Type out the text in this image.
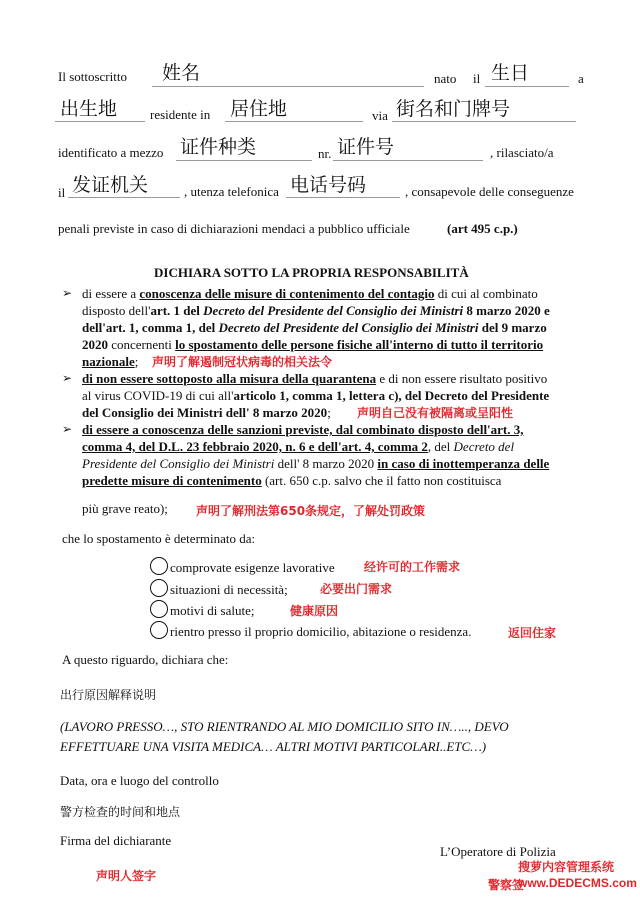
Il sottoscritto 姓名	nato il 生日	a
出生地	residente in 居住地	via 街名和门牌号
identificato a mezzo 证件种类	nr. 证件号	, rilasciato/a
il 发证机关	, utenza telefonica 电话号码	, consapevole delle conseguenze
penali previste in caso di dichiarazioni mendaci a pubblico ufficiale	(art 495 c.p.)
DICHIARA SOTTO LA PROPRIA RESPONSABILITÀ
➢ di essere a conoscenza delle misure di contenimento del contagio di cui al combinato
disposto dell'art. 1 del Decreto del Presidente del Consiglio dei Ministri 8 marzo 2020 e
dell'art. 1, comma 1, del Decreto del Presidente del Consiglio dei Ministri del 9 marzo
2020 concernenti lo spostamento delle persone fisiche all'interno di tutto il territorio
nazionale; 声明了解遏制冠状病毒的相关法令
➢ di non essere sottoposto alla misura della quarantena e di non essere risultato positivo
al virus COVID-19 di cui all'articolo 1, comma 1, lettera c), del Decreto del Presidente
del Consiglio dei Ministri dell' 8 marzo 2020; 声明自己没有被隔离或呈阳性
➢ di essere a conoscenza delle sanzioni previste, dal combinato disposto dell'art. 3,
comma 4, del D.L. 23 febbraio 2020, n. 6 e dell'art. 4, comma 2, del Decreto del
Presidente del Consiglio dei Ministri dell' 8 marzo 2020 in caso di inottemperanza delle
predette misure di contenimento (art. 650 c.p. salvo che il fatto non costituisca
più grave reato); 声明了解刑法第650条规定，了解处罚政策
che lo spostamento è determinato da:
comprovate esigenze lavorative 经许可的工作需求
situazioni di necessità;	必要出门需求
motivi di salute;	健康原因
rientro presso il proprio domicilio, abitazione o residenza.	返回住家
A questo riguardo, dichiara che:
出行原因解释说明
(LAVORO PRESSO…, STO RIENTRANDO AL MIO DOMICILIO SITO IN….., DEVO
EFFETTUARE UNA VISITA MEDICA… ALTRI MOTIVI PARTICOLARI..ETC…)
Data, ora e luogo del controllo
警方检查的时间和地点
Firma del dichiarante
L’Operatore di Polizia
声明人签字
警察签
搜萝内容管理系统
www.DEDECMS.com
